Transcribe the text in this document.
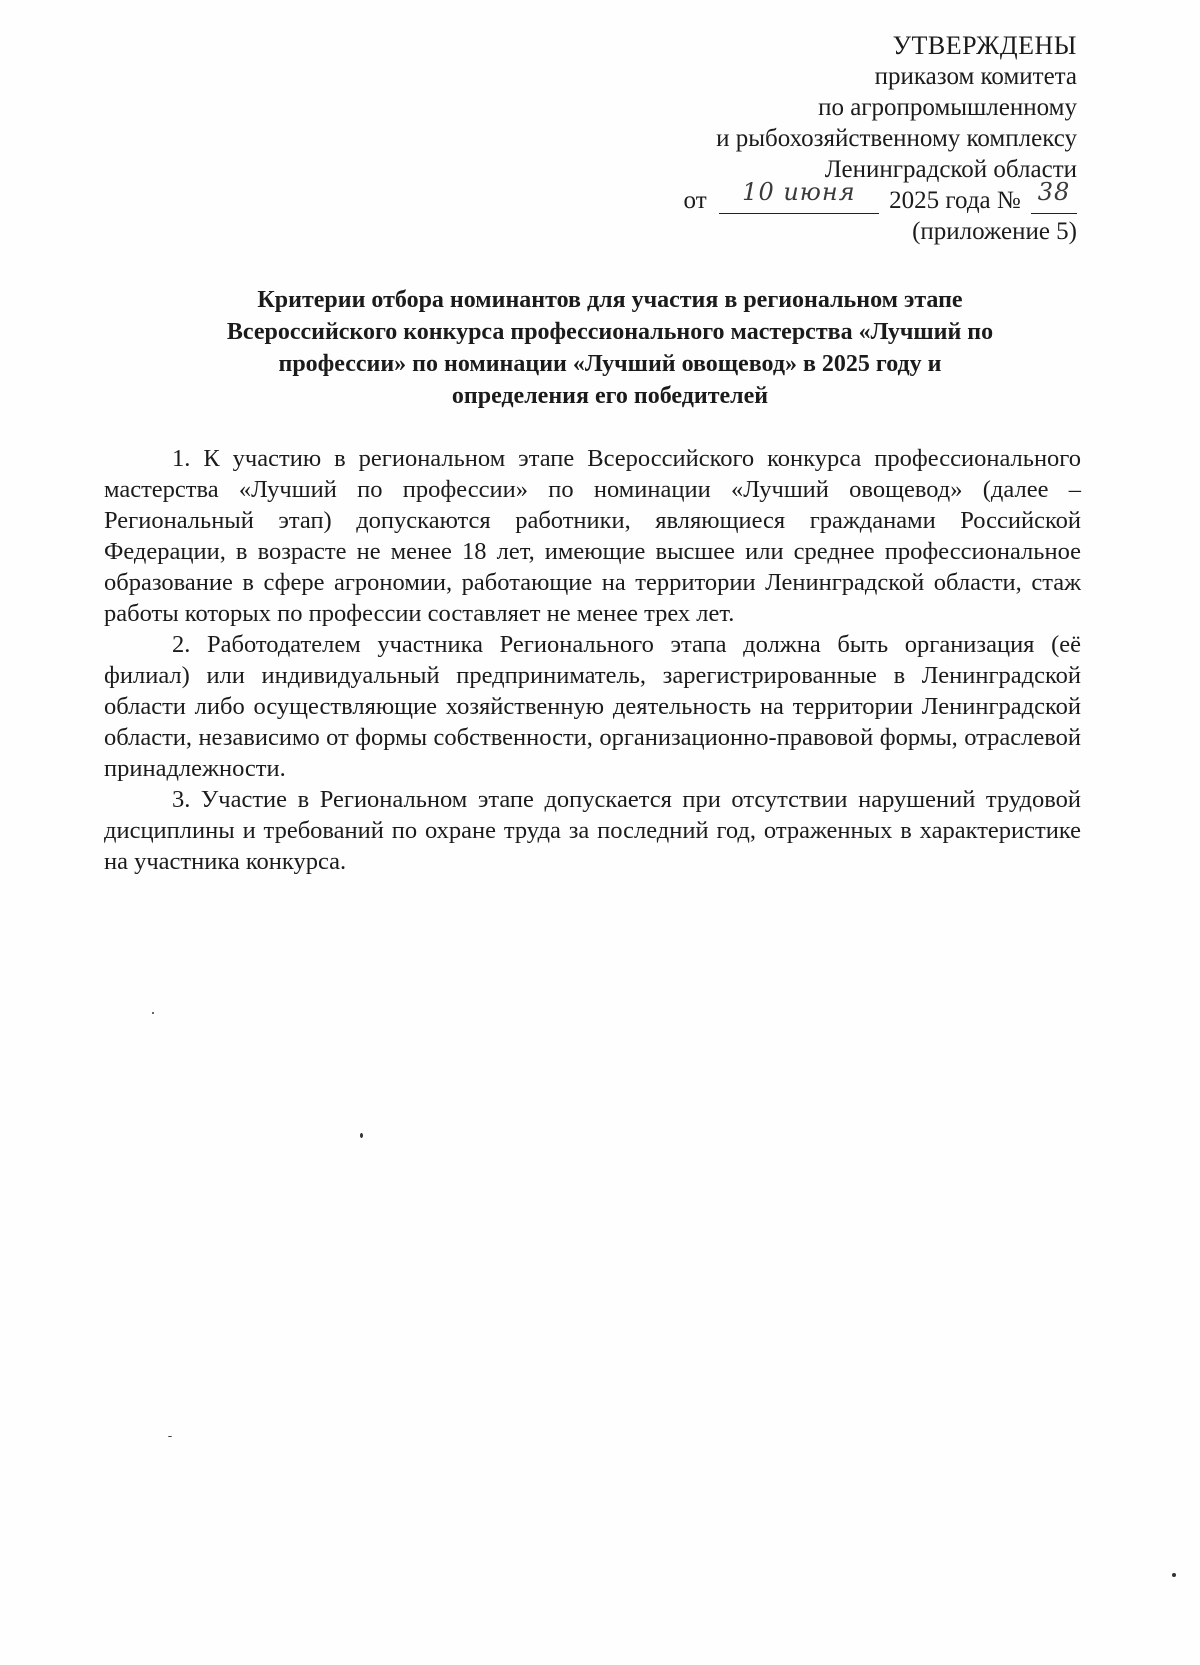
УТВЕРЖДЕНЫ
приказом комитета
по агропромышленному
и рыбохозяйственному комплексу
Ленинградской области
от 10 июня 2025 года № 38
(приложение 5)
Критерии отбора номинантов для участия в региональном этапе
Всероссийского конкурса профессионального мастерства «Лучший по
профессии» по номинации «Лучший овощевод» в 2025 году и
определения его победителей

1. К участию в региональном этапе Всероссийского конкурса профессионального мастерства «Лучший по профессии» по номинации «Лучший овощевод» (далее – Региональный этап) допускаются работники, являющиеся гражданами Российской Федерации, в возрасте не менее 18 лет, имеющие высшее или среднее профессиональное образование в сфере агрономии, работающие на территории Ленинградской области, стаж работы которых по профессии составляет не менее трех лет.

2. Работодателем участника Регионального этапа должна быть организация (её филиал) или индивидуальный предприниматель, зарегистрированные в Ленинградской области либо осуществляющие хозяйственную деятельность на территории Ленинградской области, независимо от формы собственности, организационно-правовой формы, отраслевой принадлежности.

3. Участие в Региональном этапе допускается при отсутствии нарушений трудовой дисциплины и требований по охране труда за последний год, отраженных в характеристике на участника конкурса.
